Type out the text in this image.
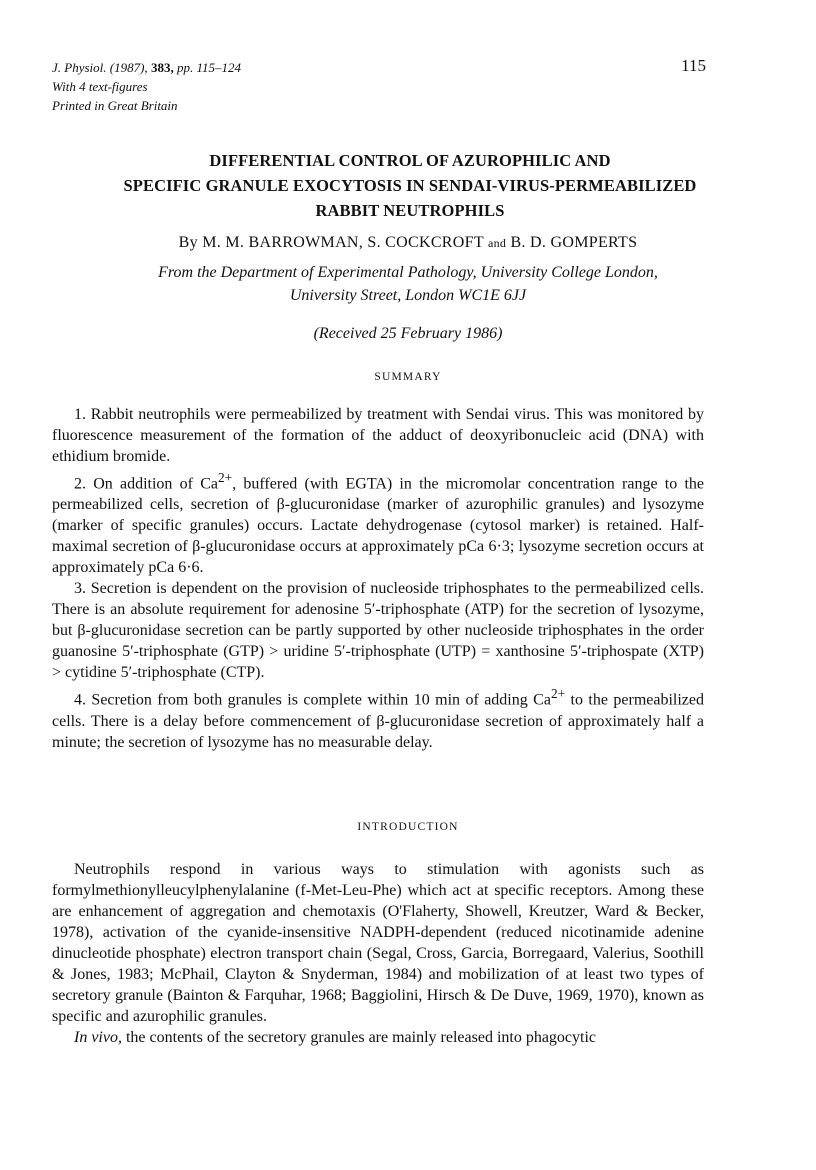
J. Physiol. (1987), 383, pp. 115–124
With 4 text-figures
Printed in Great Britain
115
DIFFERENTIAL CONTROL OF AZUROPHILIC AND
SPECIFIC GRANULE EXOCYTOSIS IN SENDAI-VIRUS-PERMEABILIZED
RABBIT NEUTROPHILS
By M. M. BARROWMAN, S. COCKCROFT and B. D. GOMPERTS
From the Department of Experimental Pathology, University College London,
University Street, London WC1E 6JJ
(Received 25 February 1986)
SUMMARY

1. Rabbit neutrophils were permeabilized by treatment with Sendai virus. This was monitored by fluorescence measurement of the formation of the adduct of deoxyribonucleic acid (DNA) with ethidium bromide.

2. On addition of $Ca^{2+}$, buffered (with EGTA) in the micromolar concentration range to the permeabilized cells, secretion of β-glucuronidase (marker of azurophilic granules) and lysozyme (marker of specific granules) occurs. Lactate dehydrogenase (cytosol marker) is retained. Half-maximal secretion of β-glucuronidase occurs at approximately pCa 6·3; lysozyme secretion occurs at approximately pCa 6·6.

3. Secretion is dependent on the provision of nucleoside triphosphates to the permeabilized cells. There is an absolute requirement for adenosine 5′-triphosphate (ATP) for the secretion of lysozyme, but β-glucuronidase secretion can be partly supported by other nucleoside triphosphates in the order guanosine 5′-triphosphate (GTP) > uridine 5′-triphosphate (UTP) = xanthosine 5′-triphospate (XTP) > cytidine 5′-triphosphate (CTP).

4. Secretion from both granules is complete within 10 min of adding $Ca^{2+}$ to the permeabilized cells. There is a delay before commencement of β-glucuronidase secretion of approximately half a minute; the secretion of lysozyme has no measurable delay.

INTRODUCTION

Neutrophils respond in various ways to stimulation with agonists such as formylmethionylleucylphenylalanine (f-Met-Leu-Phe) which act at specific receptors. Among these are enhancement of aggregation and chemotaxis (O'Flaherty, Showell, Kreutzer, Ward & Becker, 1978), activation of the cyanide-insensitive NADPH-dependent (reduced nicotinamide adenine dinucleotide phosphate) electron transport chain (Segal, Cross, Garcia, Borregaard, Valerius, Soothill & Jones, 1983; McPhail, Clayton & Snyderman, 1984) and mobilization of at least two types of secretory granule (Bainton & Farquhar, 1968; Baggiolini, Hirsch & De Duve, 1969, 1970), known as specific and azurophilic granules.

In vivo, the contents of the secretory granules are mainly released into phagocytic
